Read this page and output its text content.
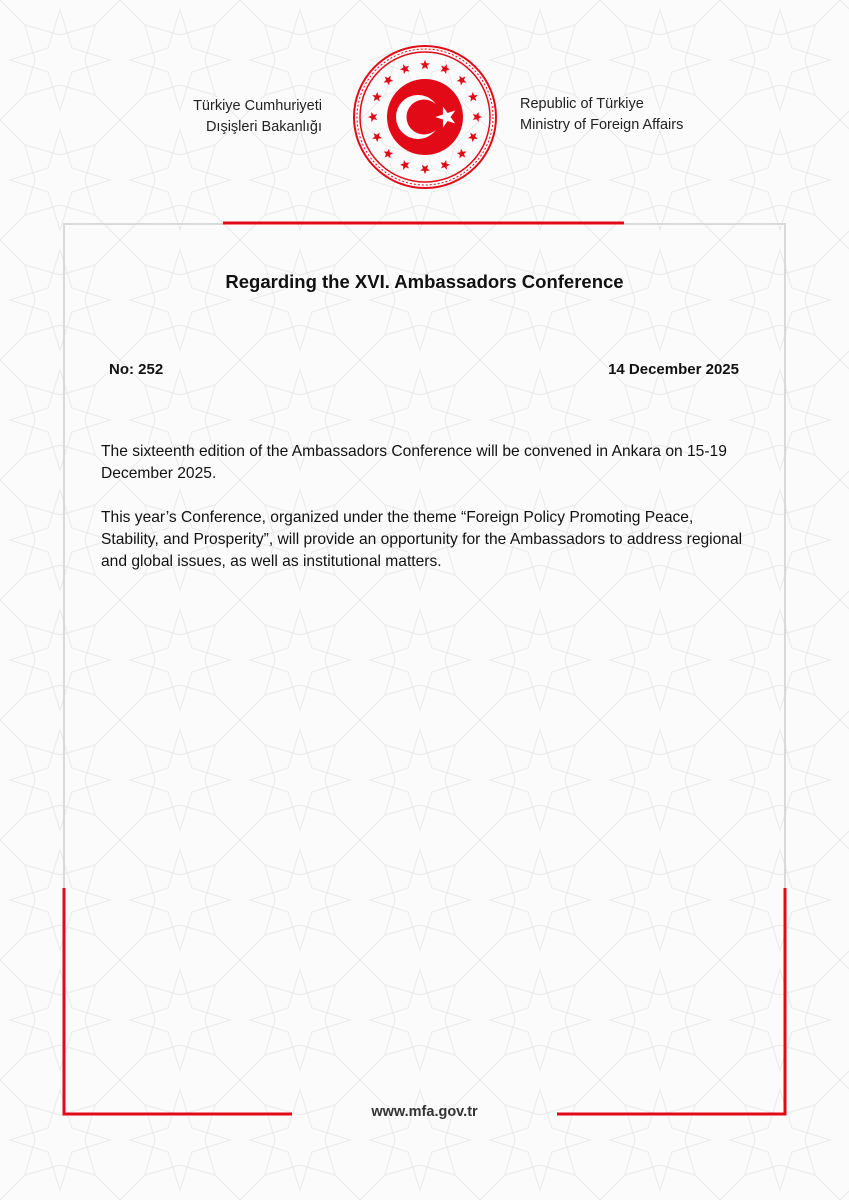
Türkiye Cumhuriyeti
Dışişleri Bakanlığı
Republic of Türkiye
Ministry of Foreign Affairs
Regarding the XVI. Ambassadors Conference
No: 252	14 December 2025

The sixteenth edition of the Ambassadors Conference will be convened in Ankara on 15-19 December 2025.

This year’s Conference, organized under the theme “Foreign Policy Promoting Peace, Stability, and Prosperity”, will provide an opportunity for the Ambassadors to address regional and global issues, as well as institutional matters.

www.mfa.gov.tr
